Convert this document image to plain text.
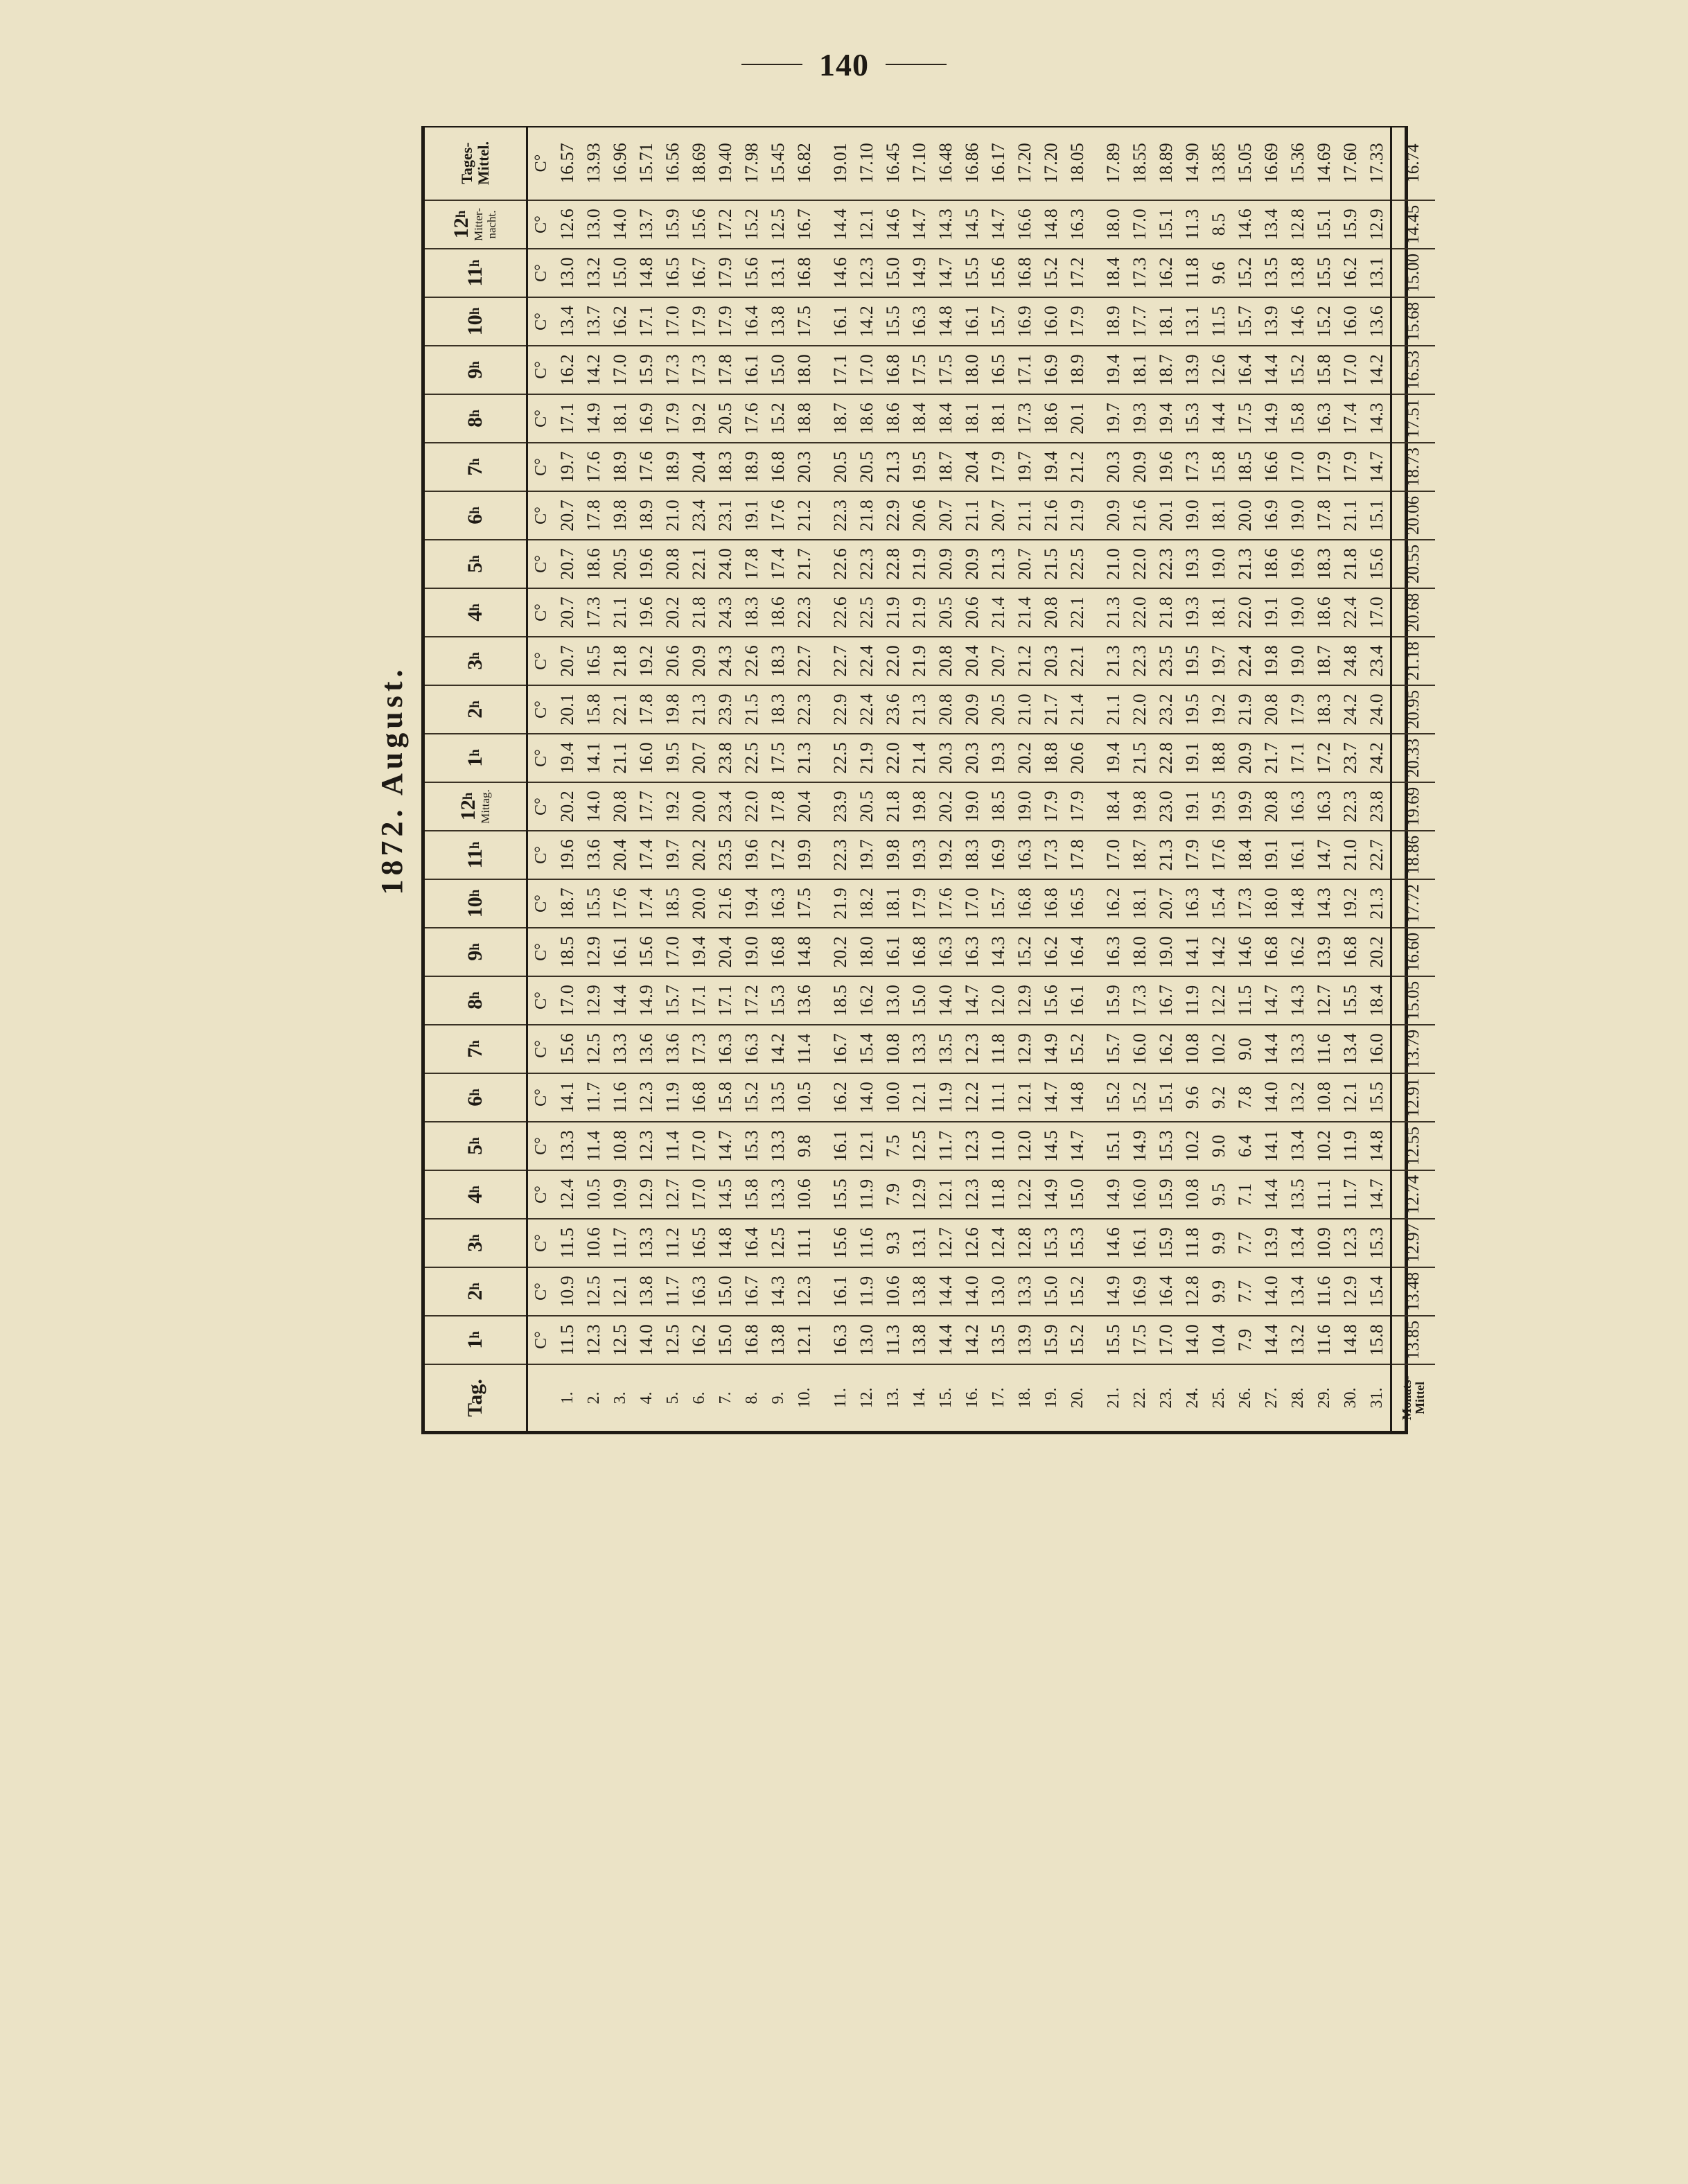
140
1872. August.
Tag.	1$^h$	2$^h$	3$^h$	4$^h$	5$^h$	6$^h$	7$^h$	8$^h$	9$^h$	10$^h$	11$^h$	12$^h$ Mittag.	1$^h$	2$^h$	3$^h$	4$^h$	5$^h$	6$^h$	7$^h$	8$^h$	9$^h$	10$^h$	11$^h$	12$^h$ Mitter-nacht.	Tages-Mittel.
	C°	C°	C°	C°	C°	C°	C°	C°	C°	C°	C°	C°	C°	C°	C°	C°	C°	C°	C°	C°	C°	C°	C°	C°	C°
1.	11.5	10.9	11.5	12.4	13.3	14.1	15.6	17.0	18.5	18.7	19.6	20.2	19.4	20.1	20.7	20.7	20.7	20.7	19.7	17.1	16.2	13.4	13.0	12.6	16.57
2.	12.3	12.5	10.6	10.5	11.4	11.7	12.5	12.9	12.9	15.5	13.6	14.0	14.1	15.8	16.5	17.3	18.6	17.8	17.6	14.9	14.2	13.7	13.2	13.0	13.93
3.	12.5	12.1	11.7	10.9	10.8	11.6	13.3	14.4	16.1	17.6	20.4	20.8	21.1	22.1	21.8	21.1	20.5	19.8	18.9	18.1	17.0	16.2	15.0	14.0	16.96
4.	14.0	13.8	13.3	12.9	12.3	12.3	13.6	14.9	15.6	17.4	17.4	17.7	16.0	17.8	19.2	19.6	19.6	18.9	17.6	16.9	15.9	17.1	14.8	13.7	15.71
5.	12.5	11.7	11.2	12.7	11.4	11.9	13.6	15.7	17.0	18.5	19.7	19.2	19.5	19.8	20.6	20.2	20.8	21.0	18.9	17.9	17.3	17.0	16.5	15.9	16.56
6.	16.2	16.3	16.5	17.0	17.0	16.8	17.3	17.1	19.4	20.0	20.2	20.0	20.7	21.3	20.9	21.8	22.1	23.4	20.4	19.2	17.3	17.9	16.7	15.6	18.69
7.	15.0	15.0	14.8	14.5	14.7	15.8	16.3	17.1	20.4	21.6	23.5	23.4	23.8	23.9	24.3	24.3	24.0	23.1	18.3	20.5	17.8	17.9	17.9	17.2	19.40
8.	16.8	16.7	16.4	15.8	15.3	15.2	16.3	17.2	19.0	19.4	19.6	22.0	22.5	21.5	22.6	18.3	17.8	19.1	18.9	17.6	16.1	16.4	15.6	15.2	17.98
9.	13.8	14.3	12.5	13.3	13.3	13.5	14.2	15.3	16.8	16.3	17.2	17.8	17.5	18.3	18.3	18.6	17.4	17.6	16.8	15.2	15.0	13.8	13.1	12.5	15.45
10.	12.1	12.3	11.1	10.6	9.8	10.5	11.4	13.6	14.8	17.5	19.9	20.4	21.3	22.3	22.7	22.3	21.7	21.2	20.3	18.8	18.0	17.5	16.8	16.7	16.82

11.	16.3	16.1	15.6	15.5	16.1	16.2	16.7	18.5	20.2	21.9	22.3	23.9	22.5	22.9	22.7	22.6	22.6	22.3	20.5	18.7	17.1	16.1	14.6	14.4	19.01
12.	13.0	11.9	11.6	11.9	12.1	14.0	15.4	16.2	18.0	18.2	19.7	20.5	21.9	22.4	22.4	22.5	22.3	21.8	20.5	18.6	17.0	14.2	12.3	12.1	17.10
13.	11.3	10.6	9.3	7.9	7.5	10.0	10.8	13.0	16.1	18.1	19.8	21.8	22.0	23.6	22.0	21.9	22.8	22.9	21.3	18.6	16.8	15.5	15.0	14.6	16.45
14.	13.8	13.8	13.1	12.9	12.5	12.1	13.3	15.0	16.8	17.9	19.3	19.8	21.4	21.3	21.9	21.9	21.9	20.6	19.5	18.4	17.5	16.3	14.9	14.7	17.10
15.	14.4	14.4	12.7	12.1	11.7	11.9	13.5	14.0	16.3	17.6	19.2	20.2	20.3	20.8	20.8	20.5	20.9	20.7	18.7	18.4	17.5	14.8	14.7	14.3	16.48
16.	14.2	14.0	12.6	12.3	12.3	12.2	12.3	14.7	16.3	17.0	18.3	19.0	20.3	20.9	20.4	20.6	20.9	21.1	20.4	18.1	18.0	16.1	15.5	14.5	16.86
17.	13.5	13.0	12.4	11.8	11.0	11.1	11.8	12.0	14.3	15.7	16.9	18.5	19.3	20.5	20.7	21.4	21.3	20.7	17.9	18.1	16.5	15.7	15.6	14.7	16.17
18.	13.9	13.3	12.8	12.2	12.0	12.1	12.9	12.9	15.2	16.8	16.3	19.0	20.2	21.0	21.2	21.4	20.7	21.1	19.7	17.3	17.1	16.9	16.8	16.6	17.20
19.	15.9	15.0	15.3	14.9	14.5	14.7	14.9	15.6	16.2	16.8	17.3	17.9	18.8	21.7	20.3	20.8	21.5	21.6	19.4	18.6	16.9	16.0	15.2	14.8	17.20
20.	15.2	15.2	15.3	15.0	14.7	14.8	15.2	16.1	16.4	16.5	17.8	17.9	20.6	21.4	22.1	22.1	22.5	21.9	21.2	20.1	18.9	17.9	17.2	16.3	18.05

21.	15.5	14.9	14.6	14.9	15.1	15.2	15.7	15.9	16.3	16.2	17.0	18.4	19.4	21.1	21.3	21.3	21.0	20.9	20.3	19.7	19.4	18.9	18.4	18.0	17.89
22.	17.5	16.9	16.1	16.0	14.9	15.2	16.0	17.3	18.0	18.1	18.7	19.8	21.5	22.0	22.3	22.0	22.0	21.6	20.9	19.3	18.1	17.7	17.3	17.0	18.55
23.	17.0	16.4	15.9	15.9	15.3	15.1	16.2	16.7	19.0	20.7	21.3	23.0	22.8	23.2	23.5	21.8	22.3	20.1	19.6	19.4	18.7	18.1	16.2	15.1	18.89
24.	14.0	12.8	11.8	10.8	10.2	9.6	10.8	11.9	14.1	16.3	17.9	19.1	19.1	19.5	19.5	19.3	19.3	19.0	17.3	15.3	13.9	13.1	11.8	11.3	14.90
25.	10.4	9.9	9.9	9.5	9.0	9.2	10.2	12.2	14.2	15.4	17.6	19.5	18.8	19.2	19.7	18.1	19.0	18.1	15.8	14.4	12.6	11.5	9.6	8.5	13.85
26.	7.9	7.7	7.7	7.1	6.4	7.8	9.0	11.5	14.6	17.3	18.4	19.9	20.9	21.9	22.4	22.0	21.3	20.0	18.5	17.5	16.4	15.7	15.2	14.6	15.05
27.	14.4	14.0	13.9	14.4	14.1	14.0	14.4	14.7	16.8	18.0	19.1	20.8	21.7	20.8	19.8	19.1	18.6	16.9	16.6	14.9	14.4	13.9	13.5	13.4	16.69
28.	13.2	13.4	13.4	13.5	13.4	13.2	13.3	14.3	16.2	14.8	16.1	16.3	17.1	17.9	19.0	19.0	19.6	19.0	17.0	15.8	15.2	14.6	13.8	12.8	15.36
29.	11.6	11.6	10.9	11.1	10.2	10.8	11.6	12.7	13.9	14.3	14.7	16.3	17.2	18.3	18.7	18.6	18.3	17.8	17.9	16.3	15.8	15.2	15.5	15.1	14.69
30.	14.8	12.9	12.3	11.7	11.9	12.1	13.4	15.5	16.8	19.2	21.0	22.3	23.7	24.2	24.8	22.4	21.8	21.1	17.9	17.4	17.0	16.0	16.2	15.9	17.60
31.	15.8	15.4	15.3	14.7	14.8	15.5	16.0	18.4	20.2	21.3	22.7	23.8	24.2	24.0	23.4	17.0	15.6	15.1	14.7	14.3	14.2	13.6	13.1	12.9	17.33
Monats-Mittel	13.85	13.48	12.97	12.74	12.55	12.91	13.79	15.05	16.60	17.72	18.86	19.69	20.33	20.95	21.18	20.68	20.55	20.06	18.73	17.51	16.53	15.68	15.00	14.45	16.74
